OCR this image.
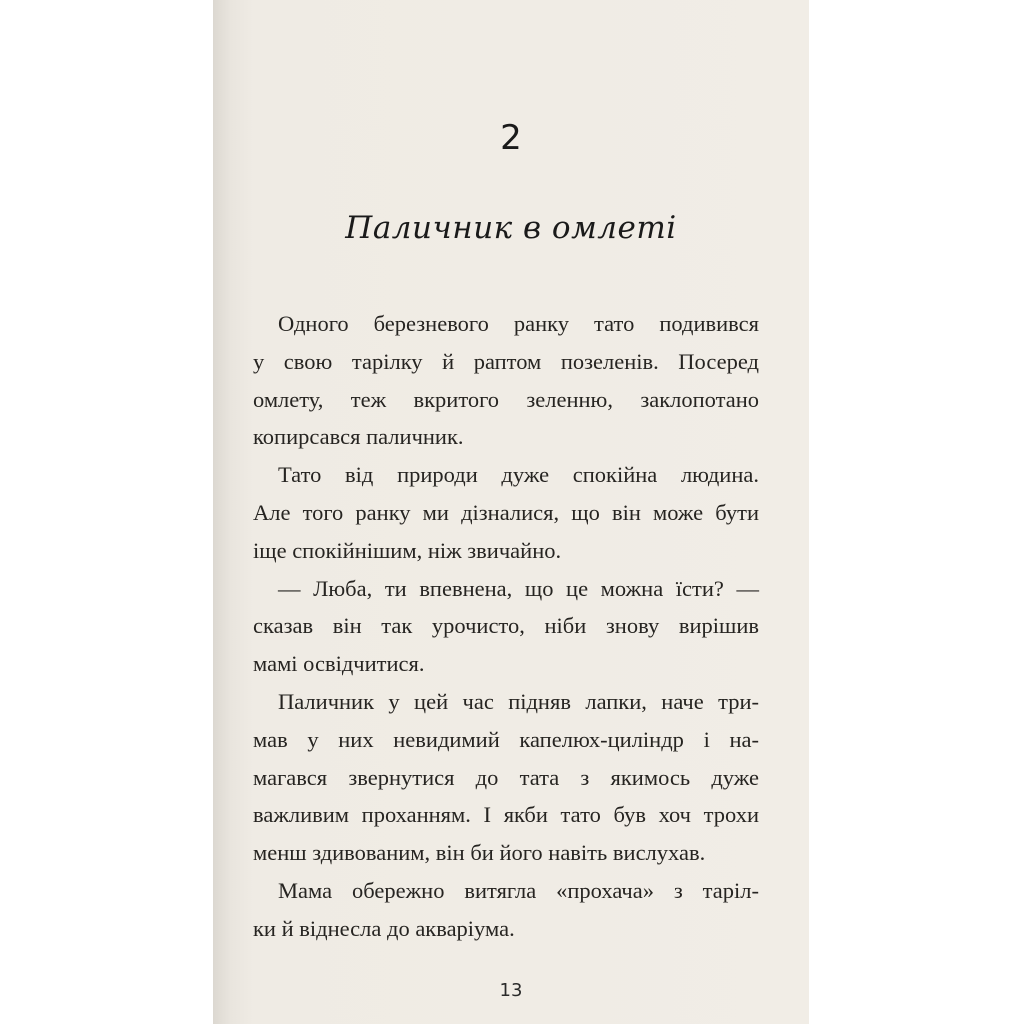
2
Паличник в омлеті
Одного березневого ранку тато подивився
у свою тарілку й раптом позеленів. Посеред
омлету, теж вкритого зеленню, заклопотано
копирсався паличник.
Тато від природи дуже спокійна людина.
Але того ранку ми дізналися, що він може бути
іще спокійнішим, ніж звичайно.
— Люба, ти впевнена, що це можна їсти? —
сказав він так урочисто, ніби знову вирішив
мамі освідчитися.
Паличник у цей час підняв лапки, наче три-
мав у них невидимий капелюх-циліндр і на-
магався звернутися до тата з якимось дуже
важливим проханням. І якби тато був хоч трохи
менш здивованим, він би його навіть вислухав.
Мама обережно витягла «прохача» з таріл-
ки й віднесла до акваріума.
13
